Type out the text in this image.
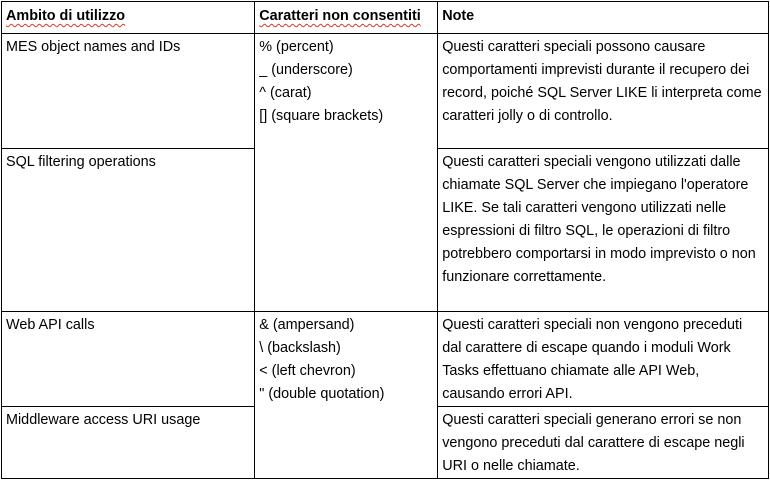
Ambito di utilizzo	Caratteri non consentiti	Note
MES object names and IDs	% (percent)
_ (underscore)
^ (carat)
[] (square brackets)	Questi caratteri speciali possono causare comportamenti imprevisti durante il recupero dei record, poiché SQL Server LIKE li interpreta come caratteri jolly o di controllo.
SQL filtering operations		Questi caratteri speciali vengono utilizzati dalle chiamate SQL Server che impiegano l'operatore LIKE. Se tali caratteri vengono utilizzati nelle espressioni di filtro SQL, le operazioni di filtro potrebbero comportarsi in modo imprevisto o non funzionare correttamente.
Web API calls	& (ampersand)
\ (backslash)
< (left chevron)
" (double quotation)	Questi caratteri speciali non vengono preceduti dal carattere di escape quando i moduli Work Tasks effettuano chiamate alle API Web, causando errori API.
Middleware access URI usage		Questi caratteri speciali generano errori se non vengono preceduti dal carattere di escape negli URI o nelle chiamate.
